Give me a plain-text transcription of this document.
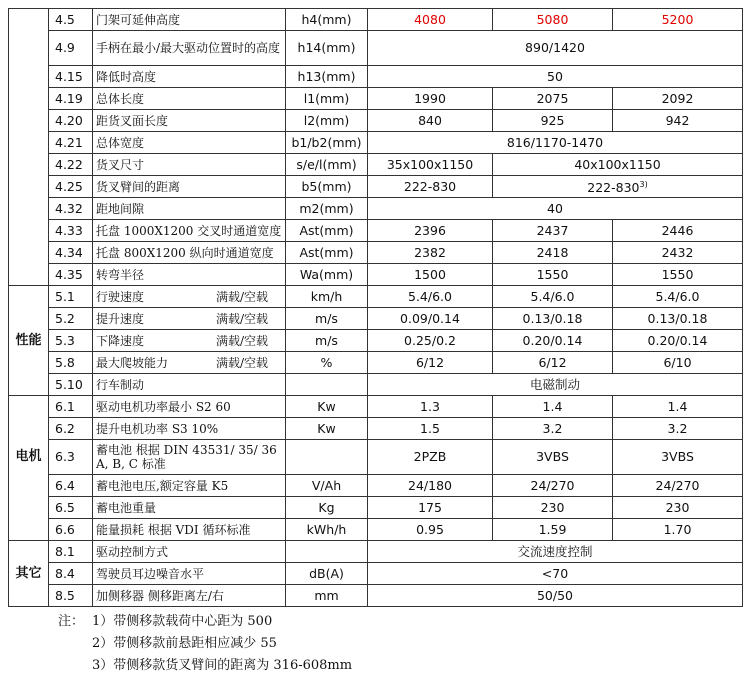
	4.5	门架可延伸高度	h4(mm)	4080	5080	5200
	4.9	手柄在最小/最大驱动位置时的高度	h14(mm)	890/1420		
	4.15	降低时高度	h13(mm)	50		
	4.19	总体长度	l1(mm)	1990	2075	2092
	4.20	距货叉面长度	l2(mm)	840	925	942
	4.21	总体宽度	b1/b2(mm)	816/1170-1470		
	4.22	货叉尺寸	s/e/l(mm)	35x100x1150	40x100x1150	
	4.25	货叉臂间的距离	b5(mm)	222-830	222-830$^{3)}$
	4.32	距地间隙	m2(mm)	40		
	4.33	托盘 1000X1200 交叉时通道宽度	Ast(mm)	2396	2437	2446
	4.34	托盘 800X1200 纵向时通道宽度	Ast(mm)	2382	2418	2432
	4.35	转弯半径	Wa(mm)	1500	1550	1550
	5.1	行驶速度 满载/空载	km/h	5.4/6.0	5.4/6.0	5.4/6.0
	5.2	提升速度 满载/空载	m/s	0.09/0.14	0.13/0.18	0.13/0.18
性能	5.3	下降速度 满载/空载	m/s	0.25/0.2	0.20/0.14	0.20/0.14
	5.8	最大爬坡能力 满载/空载	%	6/12	6/12	6/10
	5.10	行车制动		电磁制动		
	6.1	驱动电机功率最小 S2 60	Kw	1.3	1.4	1.4
	6.2	提升电机功率 S3 10%	Kw	1.5	3.2	3.2
电机	6.3	蓄电池 根据 DIN 43531/ 35/ 36 A, B, C 标准		2PZB	3VBS	3VBS
	6.4	蓄电池电压,额定容量 K5	V/Ah	24/180	24/270	24/270
	6.5	蓄电池重量	Kg	175	230	230
	6.6	能量损耗 根据 VDI 循环标准	kWh/h	0.95	1.59	1.70
	8.1	驱动控制方式		交流速度控制		
其它	8.4	驾驶员耳边噪音水平	dB(A)	<70		
	8.5	加侧移器 侧移距离左/右	mm	50/50		
注： 1）带侧移款载荷中心距为 500
2）带侧移款前悬距相应减少 55
3）带侧移款货叉臂间的距离为 316-608mm
